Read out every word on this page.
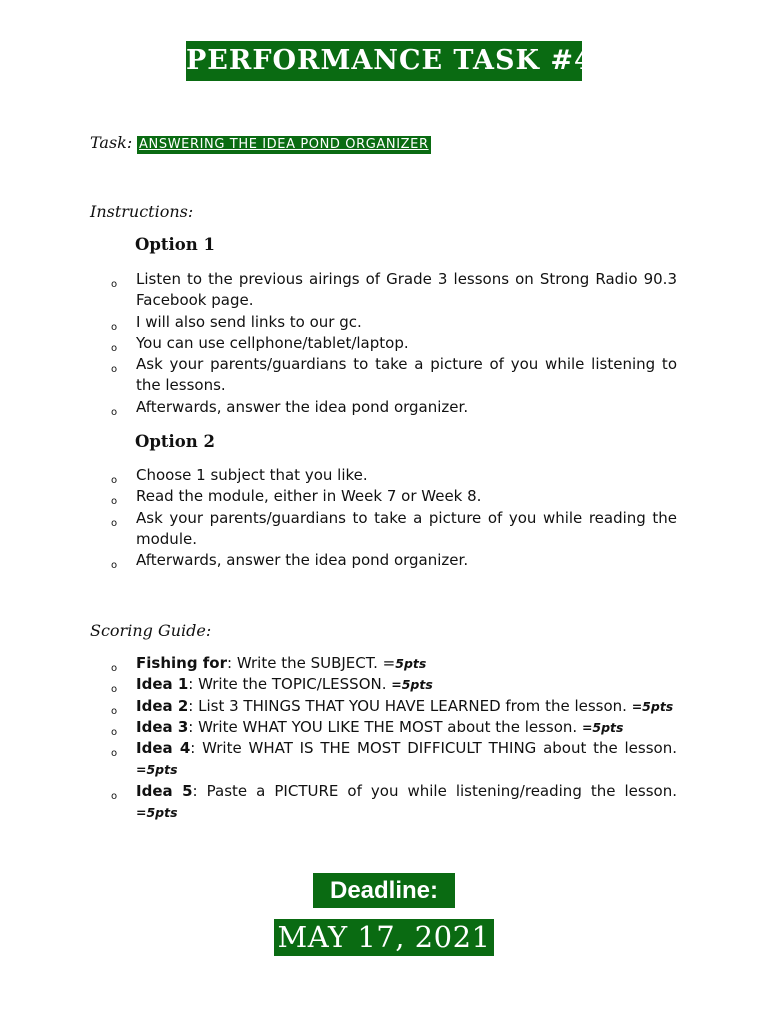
PERFORMANCE TASK #4
Task: ANSWERING THE IDEA POND ORGANIZER
Instructions:
Option 1
o
Listen to the previous airings of Grade 3 lessons on Strong Radio 90.3 Facebook page.
o
I will also send links to our gc.
o
You can use cellphone/tablet/laptop.
o
Ask your parents/guardians to take a picture of you while listening to the lessons.
o
Afterwards, answer the idea pond organizer.
Option 2
o
Choose 1 subject that you like.
o
Read the module, either in Week 7 or Week 8.
o
Ask your parents/guardians to take a picture of you while reading the module.
o
Afterwards, answer the idea pond organizer.
Scoring Guide:
o
Fishing for: Write the SUBJECT. =5pts
o
Idea 1: Write the TOPIC/LESSON. =5pts
o
Idea 2: List 3 THINGS THAT YOU HAVE LEARNED from the lesson. =5pts
o
Idea 3: Write WHAT YOU LIKE THE MOST about the lesson. =5pts
o
Idea 4: Write WHAT IS THE MOST DIFFICULT THING about the lesson. =5pts
o
Idea 5: Paste a PICTURE of you while listening/reading the lesson. =5pts
Deadline:
MAY 17, 2021
